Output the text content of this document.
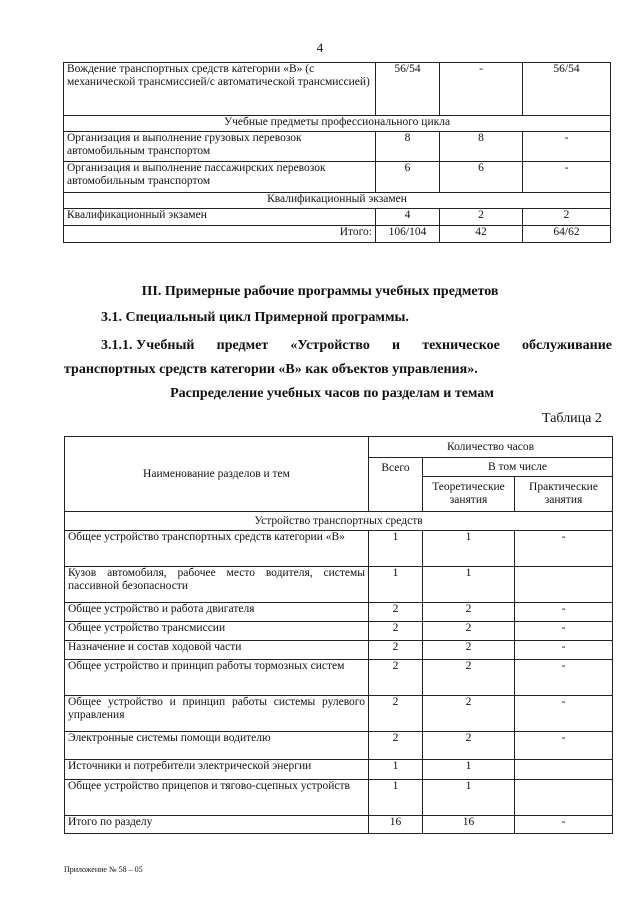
4
Вождение транспортных средств категории «В» (с механической трансмиссией/с автоматической трансмиссией)	56/54	-	56/54
Учебные предметы профессионального цикла			
Организация и выполнение грузовых перевозок автомобильным транспортом	8	8	-
Организация и выполнение пассажирских перевозок автомобильным транспортом	6	6	-
Квалификационный экзамен			
Квалификационный экзамен	4	2	2
Итого:	106/104	42	64/62
III. Примерные рабочие программы учебных предметов
3.1. Специальный цикл Примерной программы.
3.1.1. Учебный предмет «Устройство и техническое обслуживание
транспортных средств категории «В» как объектов управления».
Распределение учебных часов по разделам и темам
Таблица 2
Наименование разделов и тем	Количество часов		
	Всего	В том числе	
		Теоретические занятия	Практические занятия
Устройство транспортных средств			
Общее устройство транспортных средств категории «В»	1	1	-
Кузов автомобиля, рабочее место водителя, системы пассивной безопасности	1	1	
Общее устройство и работа двигателя	2	2	-
Общее устройство трансмиссии	2	2	-
Назначение и состав ходовой части	2	2	-
Общее устройство и принцип работы тормозных систем	2	2	-
Общее устройство и принцип работы системы рулевого управления	2	2	-
Электронные системы помощи водителю	2	2	-
Источники и потребители электрической энергии	1	1	
Общее устройство прицепов и тягово-сцепных устройств	1	1	
Итого по разделу	16	16	-
Приложение № 58 – 05
